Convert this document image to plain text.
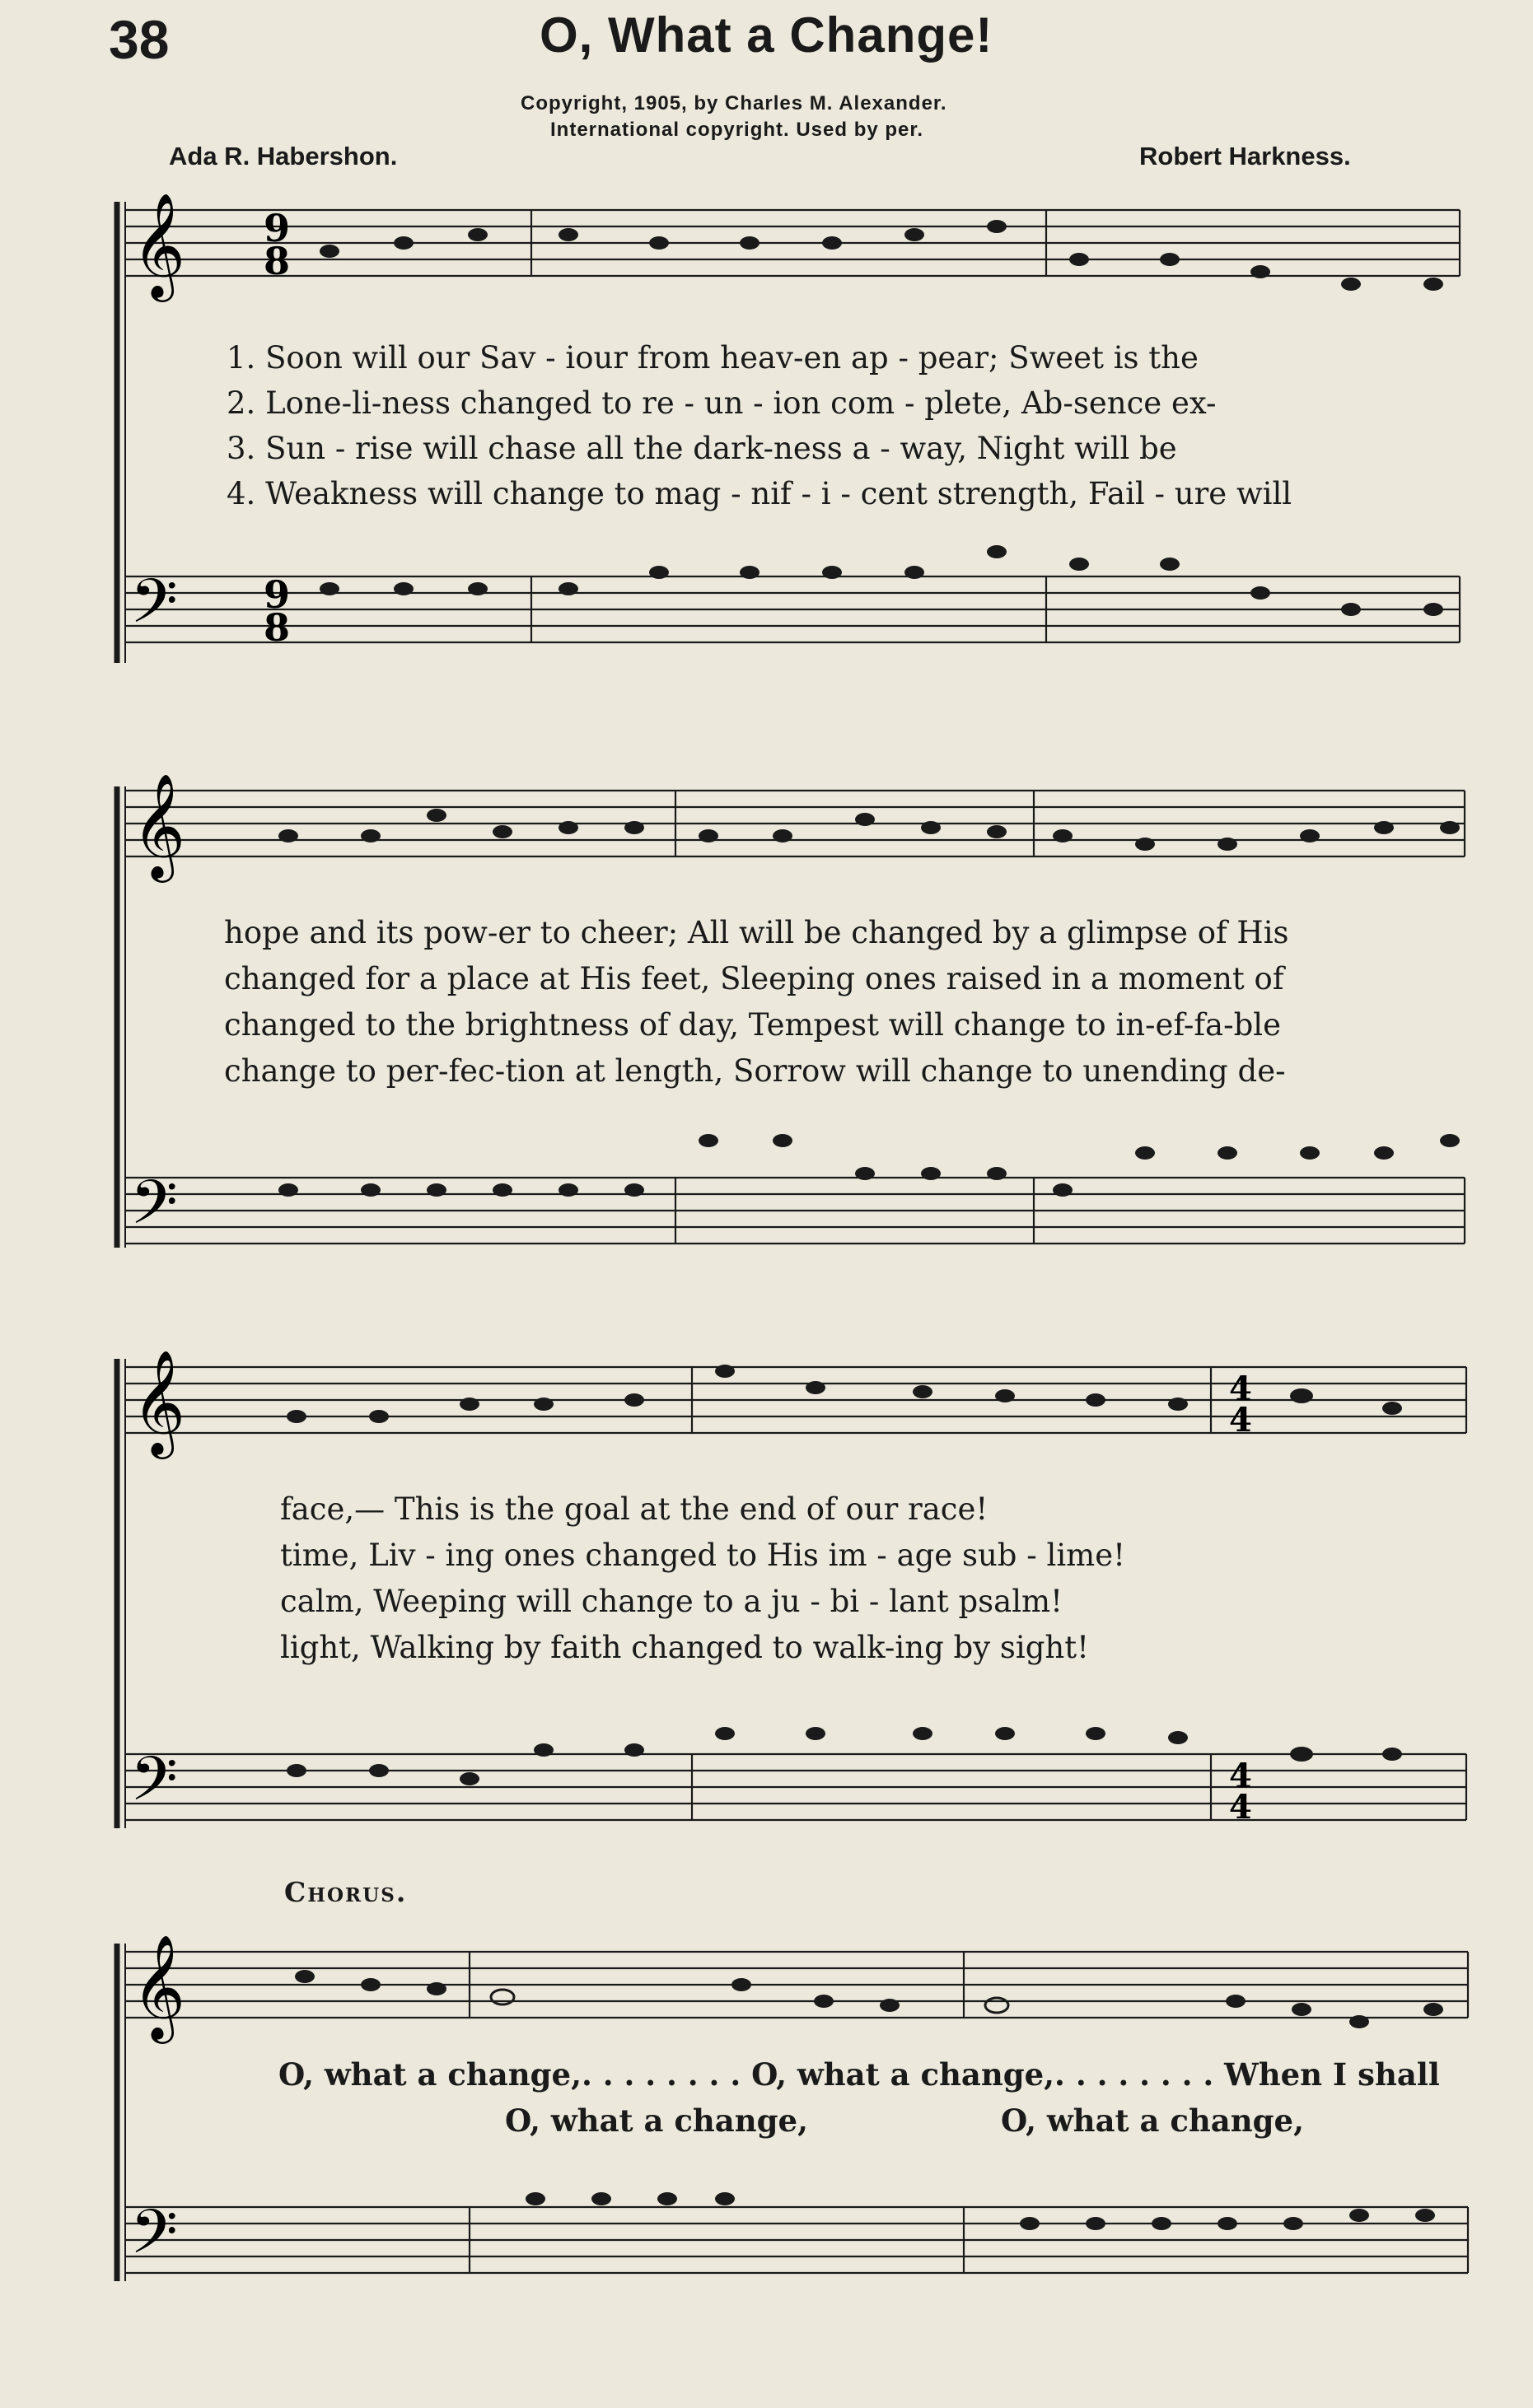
38	O, What a Change!
Copyright, 1905, by Charles M. Alexander.
International copyright. Used by per.
Ada R. Habershon.	Robert Harkness.
𝄞
𝄢
9
8
9
8
1. Soon will our Sav - iour from heav-en ap - pear; Sweet is the
2. Lone-li-ness changed to re - un - ion com - plete, Ab-sence ex-
3. Sun - rise will chase all the dark-ness a - way, Night will be
4. Weakness will change to mag - nif - i - cent strength, Fail - ure will
𝄞
𝄢
hope and its pow-er to cheer; All will be changed by a glimpse of His
changed for a place at His feet, Sleeping ones raised in a moment of
changed to the brightness of day, Tempest will change to in-ef-fa-ble
change to per-fec-tion at length, Sorrow will change to unending de-
𝄞
𝄢
4
4
4
4
face,— This is the goal at the end of our race!
time, Liv - ing ones changed to His im - age sub - lime!
calm, Weeping will change to a ju - bi - lant psalm!
light, Walking by faith changed to walk-ing by sight!
Chorus.
𝄞
𝄢
O, what a change,. . . . . . . . O, what a change,. . . . . . . . When I shall
O, what a change,	O, what a change,
